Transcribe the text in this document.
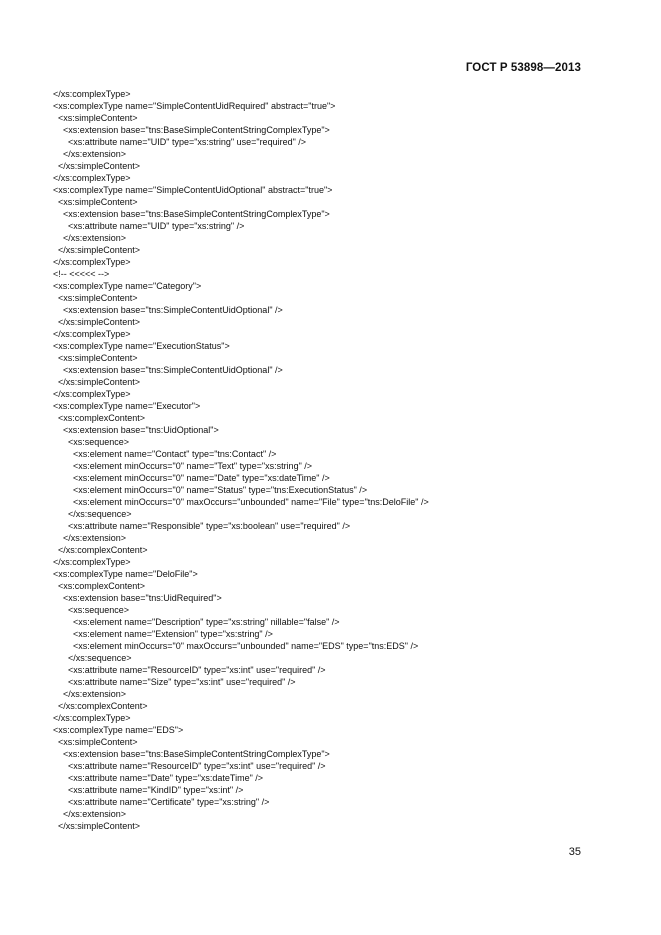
ГОСТ Р 53898—2013
</xs:complexType>
<xs:complexType name="SimpleContentUidRequired" abstract="true">
<xs:simpleContent>
<xs:extension base="tns:BaseSimpleContentStringComplexType">
<xs:attribute name="UID" type="xs:string" use="required" />
</xs:extension>
</xs:simpleContent>
</xs:complexType>
<xs:complexType name="SimpleContentUidOptional" abstract="true">
<xs:simpleContent>
<xs:extension base="tns:BaseSimpleContentStringComplexType">
<xs:attribute name="UID" type="xs:string" />
</xs:extension>
</xs:simpleContent>
</xs:complexType>
<!-- <<<<< -->
<xs:complexType name="Category">
<xs:simpleContent>
<xs:extension base="tns:SimpleContentUidOptional" />
</xs:simpleContent>
</xs:complexType>
<xs:complexType name="ExecutionStatus">
<xs:simpleContent>
<xs:extension base="tns:SimpleContentUidOptional" />
</xs:simpleContent>
</xs:complexType>
<xs:complexType name="Executor">
<xs:complexContent>
<xs:extension base="tns:UidOptional">
<xs:sequence>
<xs:element name="Contact" type="tns:Contact" />
<xs:element minOccurs="0" name="Text" type="xs:string" />
<xs:element minOccurs="0" name="Date" type="xs:dateTime" />
<xs:element minOccurs="0" name="Status" type="tns:ExecutionStatus" />
<xs:element minOccurs="0" maxOccurs="unbounded" name="File" type="tns:DeloFile" />
</xs:sequence>
<xs:attribute name="Responsible" type="xs:boolean" use="required" />
</xs:extension>
</xs:complexContent>
</xs:complexType>
<xs:complexType name="DeloFile">
<xs:complexContent>
<xs:extension base="tns:UidRequired">
<xs:sequence>
<xs:element name="Description" type="xs:string" nillable="false" />
<xs:element name="Extension" type="xs:string" />
<xs:element minOccurs="0" maxOccurs="unbounded" name="EDS" type="tns:EDS" />
</xs:sequence>
<xs:attribute name="ResourceID" type="xs:int" use="required" />
<xs:attribute name="Size" type="xs:int" use="required" />
</xs:extension>
</xs:complexContent>
</xs:complexType>
<xs:complexType name="EDS">
<xs:simpleContent>
<xs:extension base="tns:BaseSimpleContentStringComplexType">
<xs:attribute name="ResourceID" type="xs:int" use="required" />
<xs:attribute name="Date" type="xs:dateTime" />
<xs:attribute name="KindID" type="xs:int" />
<xs:attribute name="Certificate" type="xs:string" />
</xs:extension>
</xs:simpleContent>
35
